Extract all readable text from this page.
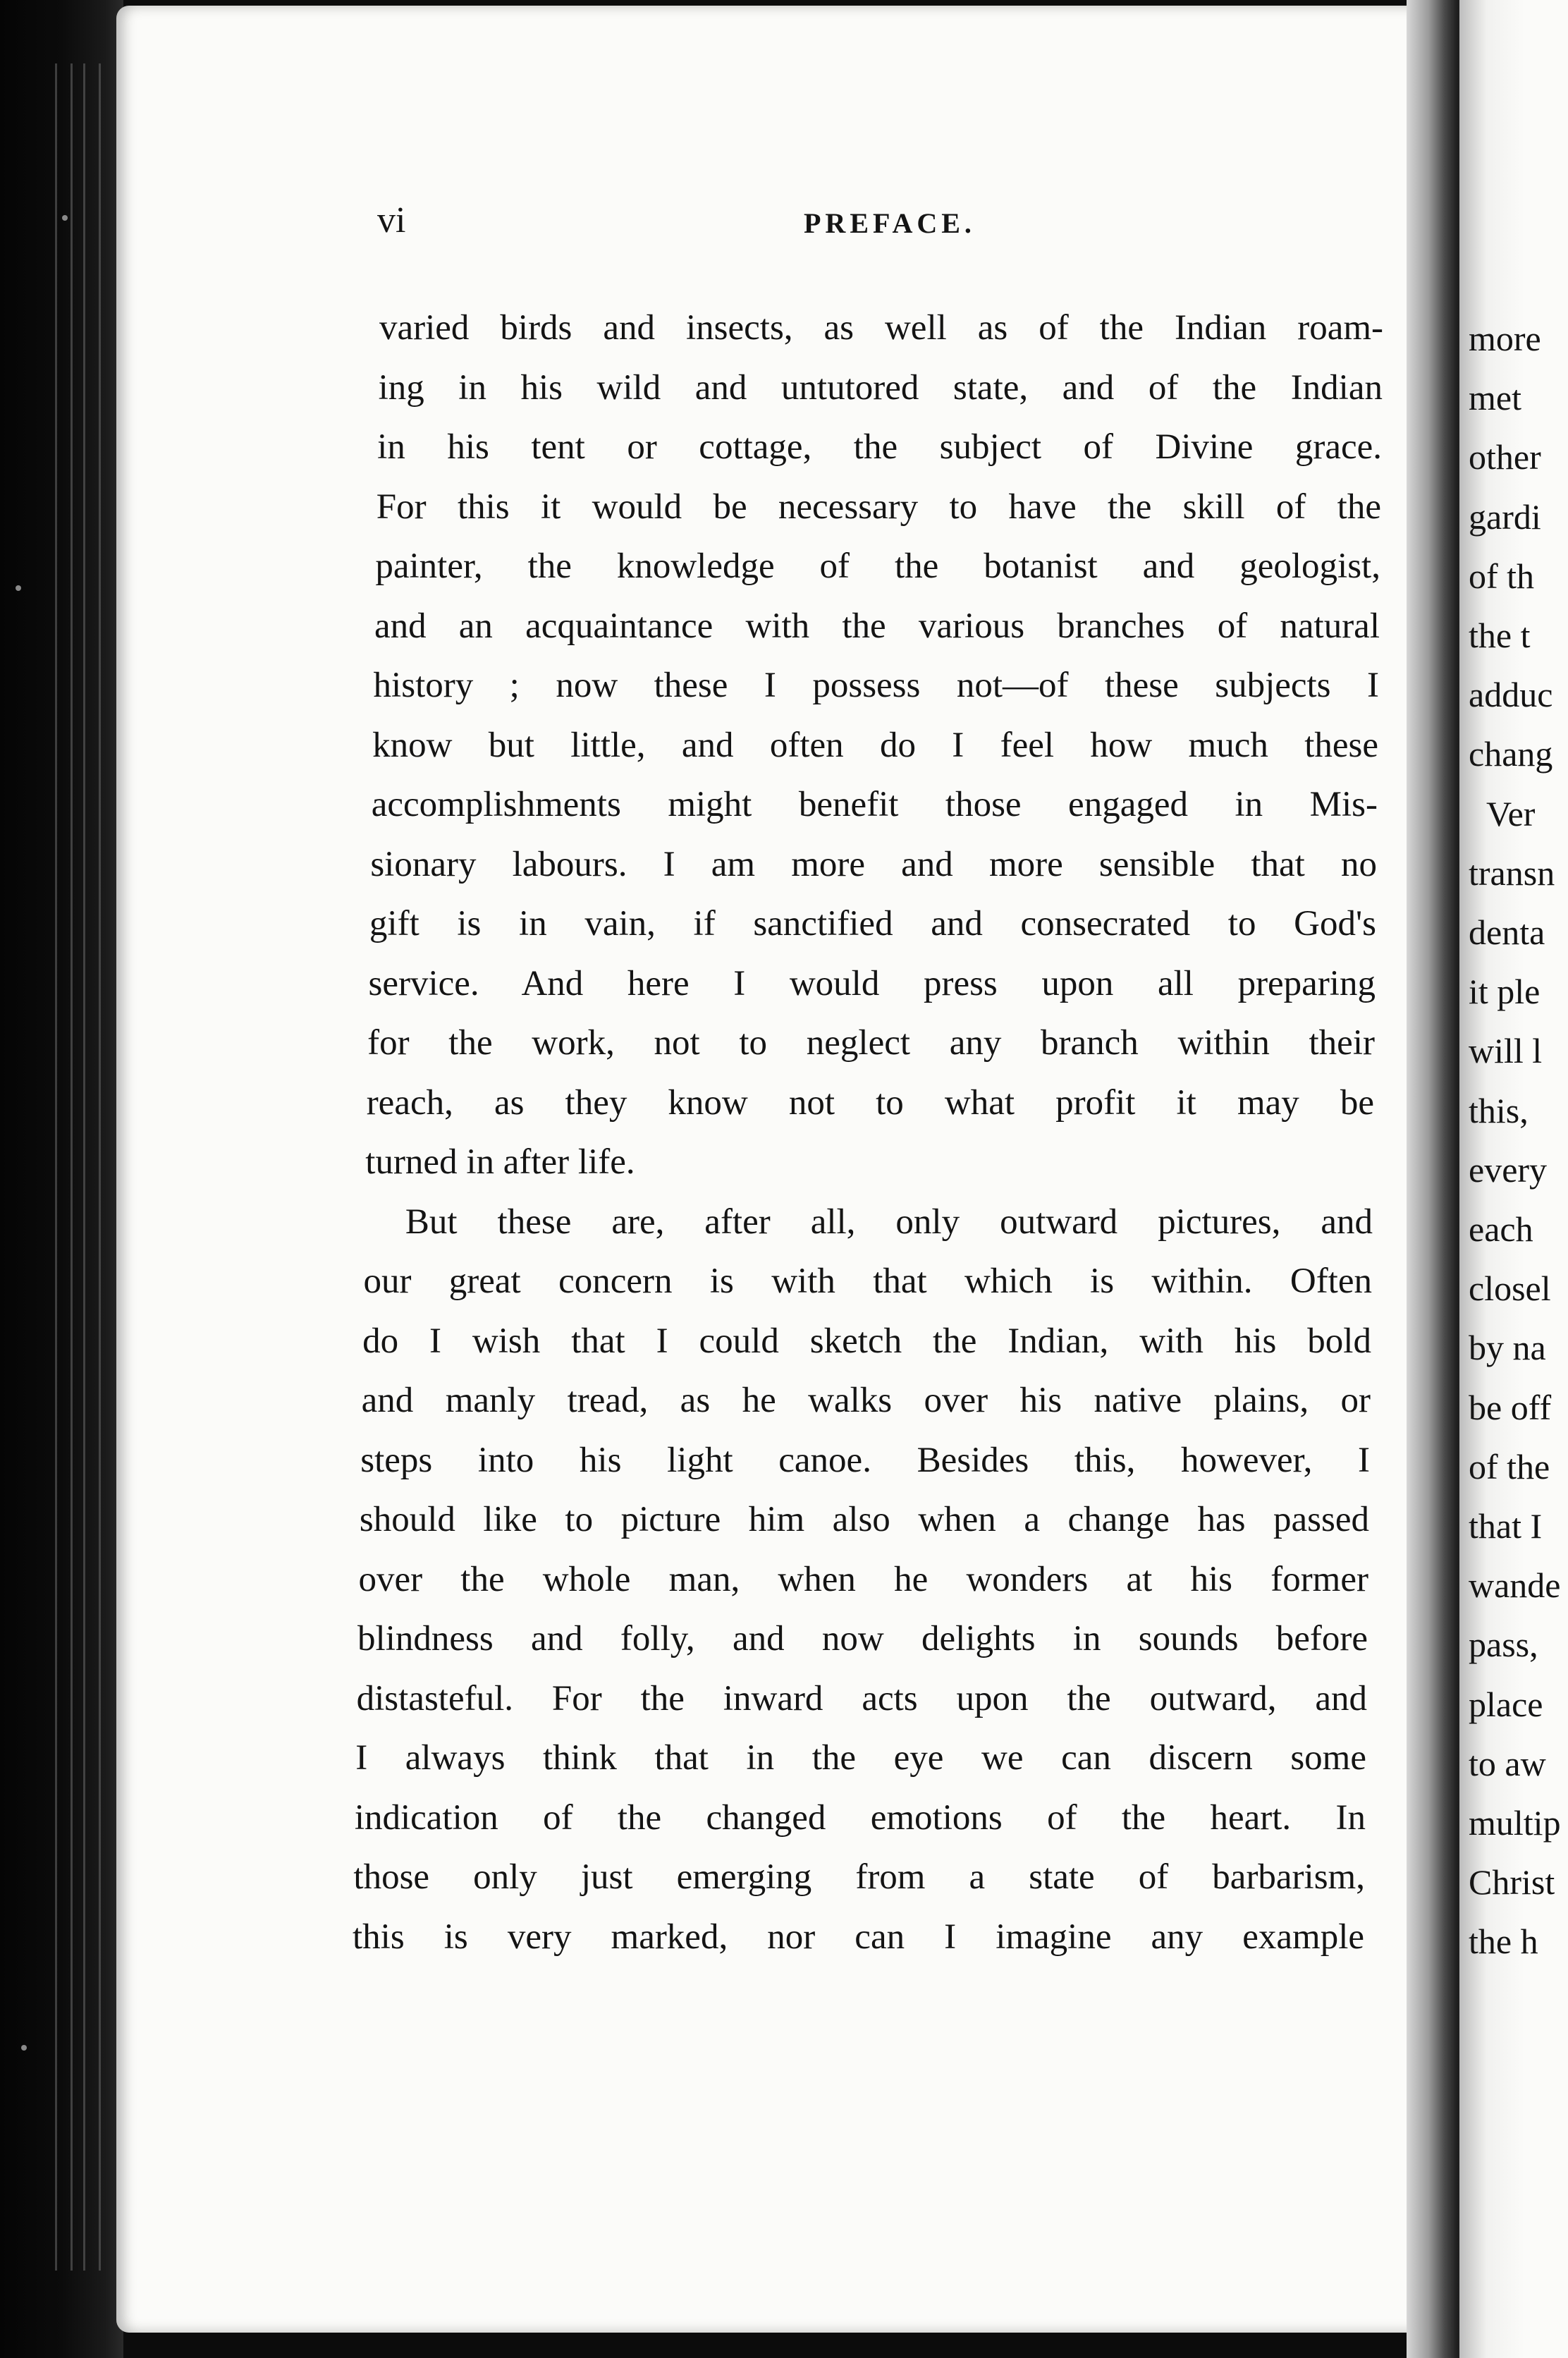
vi	PREFACE.
varied birds and insects, as well as of the Indian roam-
ing in his wild and untutored state, and of the Indian
in his tent or cottage, the subject of Divine grace.
For this it would be necessary to have the skill of the
painter, the knowledge of the botanist and geologist,
and an acquaintance with the various branches of natural
history ; now these I possess not—of these subjects I
know but little, and often do I feel how much these
accomplishments might benefit those engaged in Mis-
sionary labours. I am more and more sensible that no
gift is in vain, if sanctified and consecrated to God's
service. And here I would press upon all preparing
for the work, not to neglect any branch within their
reach, as they know not to what profit it may be
turned in after life.
But these are, after all, only outward pictures, and
our great concern is with that which is within. Often
do I wish that I could sketch the Indian, with his bold
and manly tread, as he walks over his native plains, or
steps into his light canoe. Besides this, however, I
should like to picture him also when a change has passed
over the whole man, when he wonders at his former
blindness and folly, and now delights in sounds before
distasteful. For the inward acts upon the outward, and
I always think that in the eye we can discern some
indication of the changed emotions of the heart. In
those only just emerging from a state of barbarism,
this is very marked, nor can I imagine any example
more
met
other
gardi
of th
the t
adduc
chang
Ver
transn
denta
it ple
will l
this,
every
each
closel
by na
be off
of the
that I
wande
pass,
place
to aw
multip
Christ
the h
